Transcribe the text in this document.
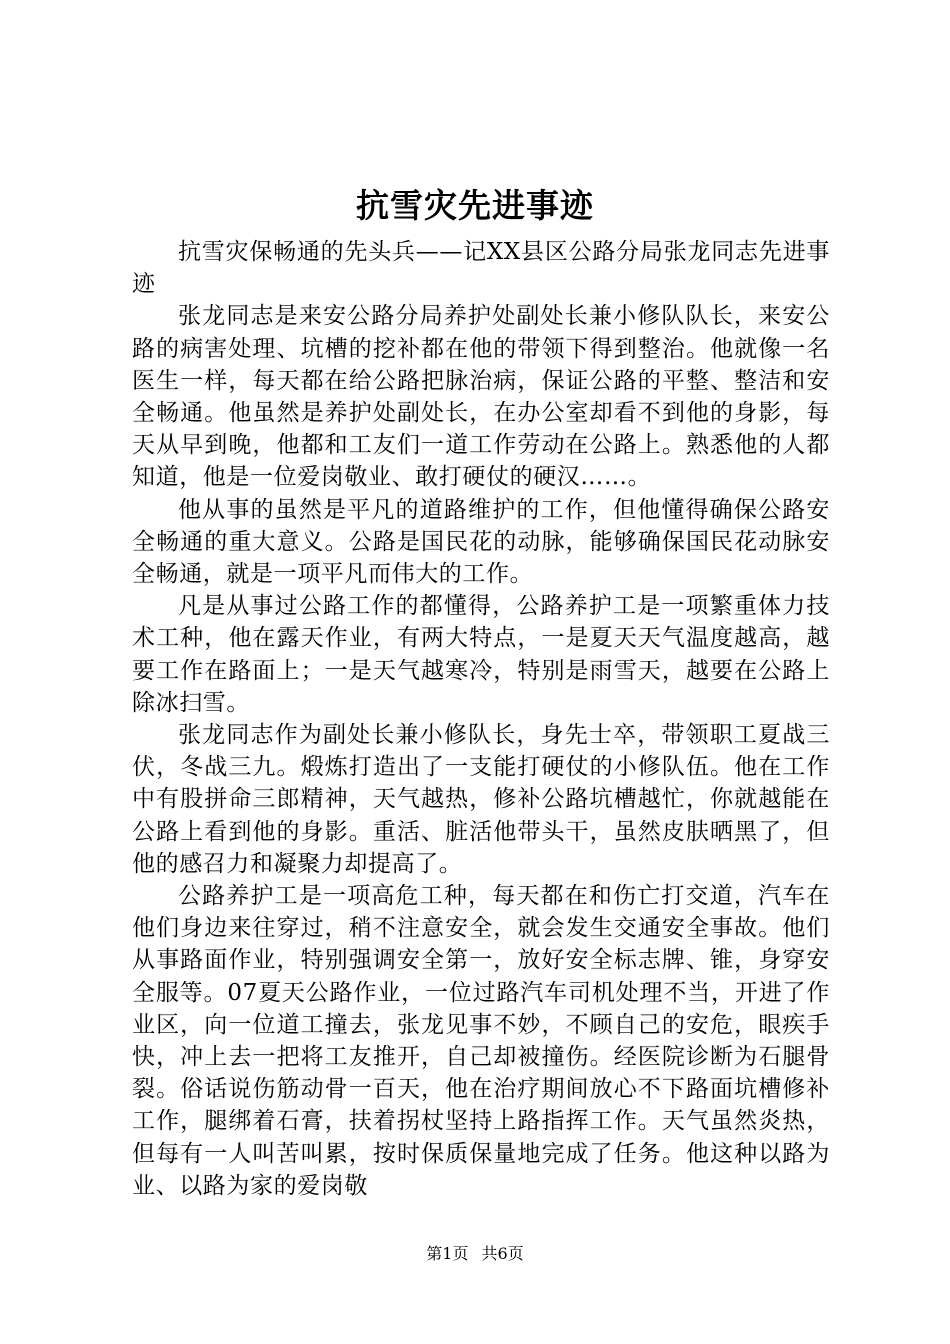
抗雪灾先进事迹

抗雪灾保畅通的先头兵——记XX县区公路分局张龙同志先进事迹

张龙同志是来安公路分局养护处副处长兼小修队队长，来安公路的病害处理、坑槽的挖补都在他的带领下得到整治。他就像一名医生一样，每天都在给公路把脉治病，保证公路的平整、整洁和安全畅通。他虽然是养护处副处长，在办公室却看不到他的身影，每天从早到晚，他都和工友们一道工作劳动在公路上。熟悉他的人都知道，他是一位爱岗敬业、敢打硬仗的硬汉……。

他从事的虽然是平凡的道路维护的工作，但他懂得确保公路安全畅通的重大意义。公路是国民花的动脉，能够确保国民花动脉安全畅通，就是一项平凡而伟大的工作。

凡是从事过公路工作的都懂得，公路养护工是一项繁重体力技术工种，他在露天作业，有两大特点，一是夏天天气温度越高，越要工作在路面上；一是天气越寒冷，特别是雨雪天，越要在公路上除冰扫雪。

张龙同志作为副处长兼小修队长，身先士卒，带领职工夏战三伏，冬战三九。煅炼打造出了一支能打硬仗的小修队伍。他在工作中有股拼命三郎精神，天气越热，修补公路坑槽越忙，你就越能在公路上看到他的身影。重活、脏活他带头干，虽然皮肤晒黑了，但他的感召力和凝聚力却提高了。

公路养护工是一项高危工种，每天都在和伤亡打交道，汽车在他们身边来往穿过，稍不注意安全，就会发生交通安全事故。他们从事路面作业，特别强调安全第一，放好安全标志牌、锥，身穿安全服等。07夏天公路作业，一位过路汽车司机处理不当，开进了作业区，向一位道工撞去，张龙见事不妙，不顾自己的安危，眼疾手快，冲上去一把将工友推开，自己却被撞伤。经医院诊断为石腿骨裂。俗话说伤筋动骨一百天，他在治疗期间放心不下路面坑槽修补工作，腿绑着石膏，扶着拐杖坚持上路指挥工作。天气虽然炎热，但每有一人叫苦叫累，按时保质保量地完成了任务。他这种以路为业、以路为家的爱岗敬

第1页 共6页
